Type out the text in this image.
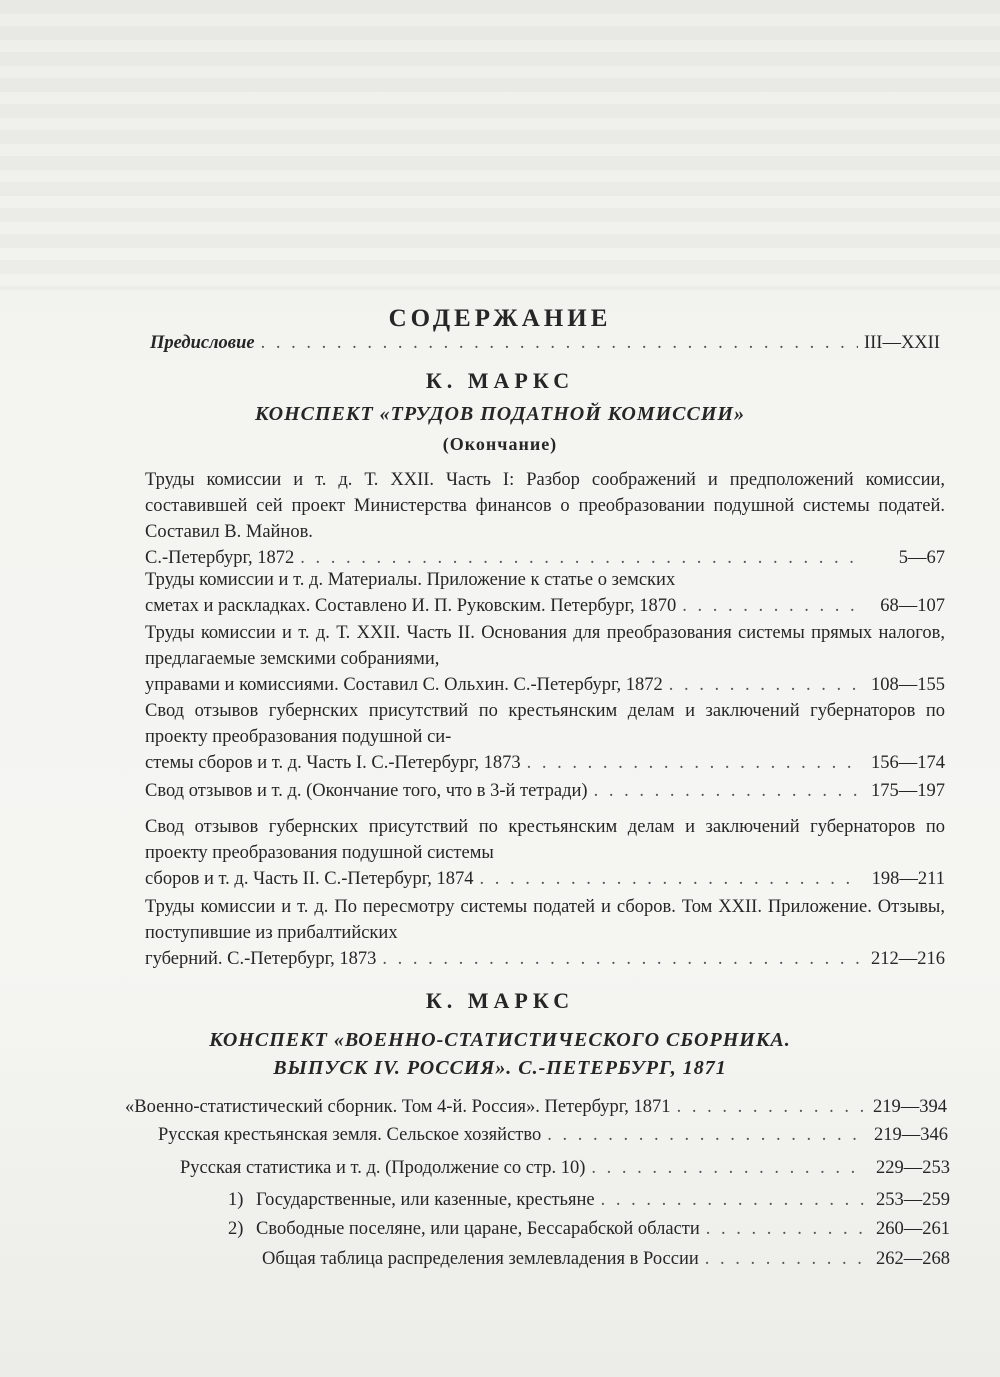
СОДЕРЖАНИЕ
Предисловие . . .	III—XXII
К. МАРКС
КОНСПЕКТ «ТРУДОВ ПОДАТНОЙ КОМИССИИ»
(Окончание)
Труды комиссии и т. д. Т. XXII. Часть I: Разбор соображений и предположений комиссии, составившей сей проект Министерства финансов о преобразовании подушной системы податей. Составил В. Майнов.
С.-Петербург, 1872 . . .	5—67
Труды комиссии и т. д. Материалы. Приложение к статье о земских
сметах и раскладках. Составлено И. П. Руковским. Петербург, 1870 . . .	68—107
Труды комиссии и т. д. Т. XXII. Часть II. Основания для преобразования системы прямых налогов, предлагаемые земскими собраниями,
управами и комиссиями. Составил С. Ольхин. С.-Петербург, 1872 . . .	108—155
Свод отзывов губернских присутствий по крестьянским делам и заключений губернаторов по проекту преобразования подушной си-
стемы сборов и т. д. Часть I. С.-Петербург, 1873 . . .	156—174
Свод отзывов и т. д. (Окончание того, что в 3-й тетради) . . .	175—197
Свод отзывов губернских присутствий по крестьянским делам и заключений губернаторов по проекту преобразования подушной системы
сборов и т. д. Часть II. С.-Петербург, 1874 . . .	198—211
Труды комиссии и т. д. По пересмотру системы податей и сборов. Том XXII. Приложение. Отзывы, поступившие из прибалтийских
губерний. С.-Петербург, 1873 . . .	212—216
К. МАРКС
КОНСПЕКТ «ВОЕННО-СТАТИСТИЧЕСКОГО СБОРНИКА.
ВЫПУСК IV. РОССИЯ». С.-ПЕТЕРБУРГ, 1871
«Военно-статистический сборник. Том 4-й. Россия». Петербург, 1871 . . .	219—394
Русская крестьянская земля. Сельское хозяйство . . .	219—346
Русская статистика и т. д. (Продолжение со стр. 10) . . .	229—253
1) Государственные, или казенные, крестьяне . . .	253—259
2) Свободные поселяне, или царане, Бессарабской области . . .	260—261
Общая таблица распределения землевладения в России . . .	262—268
